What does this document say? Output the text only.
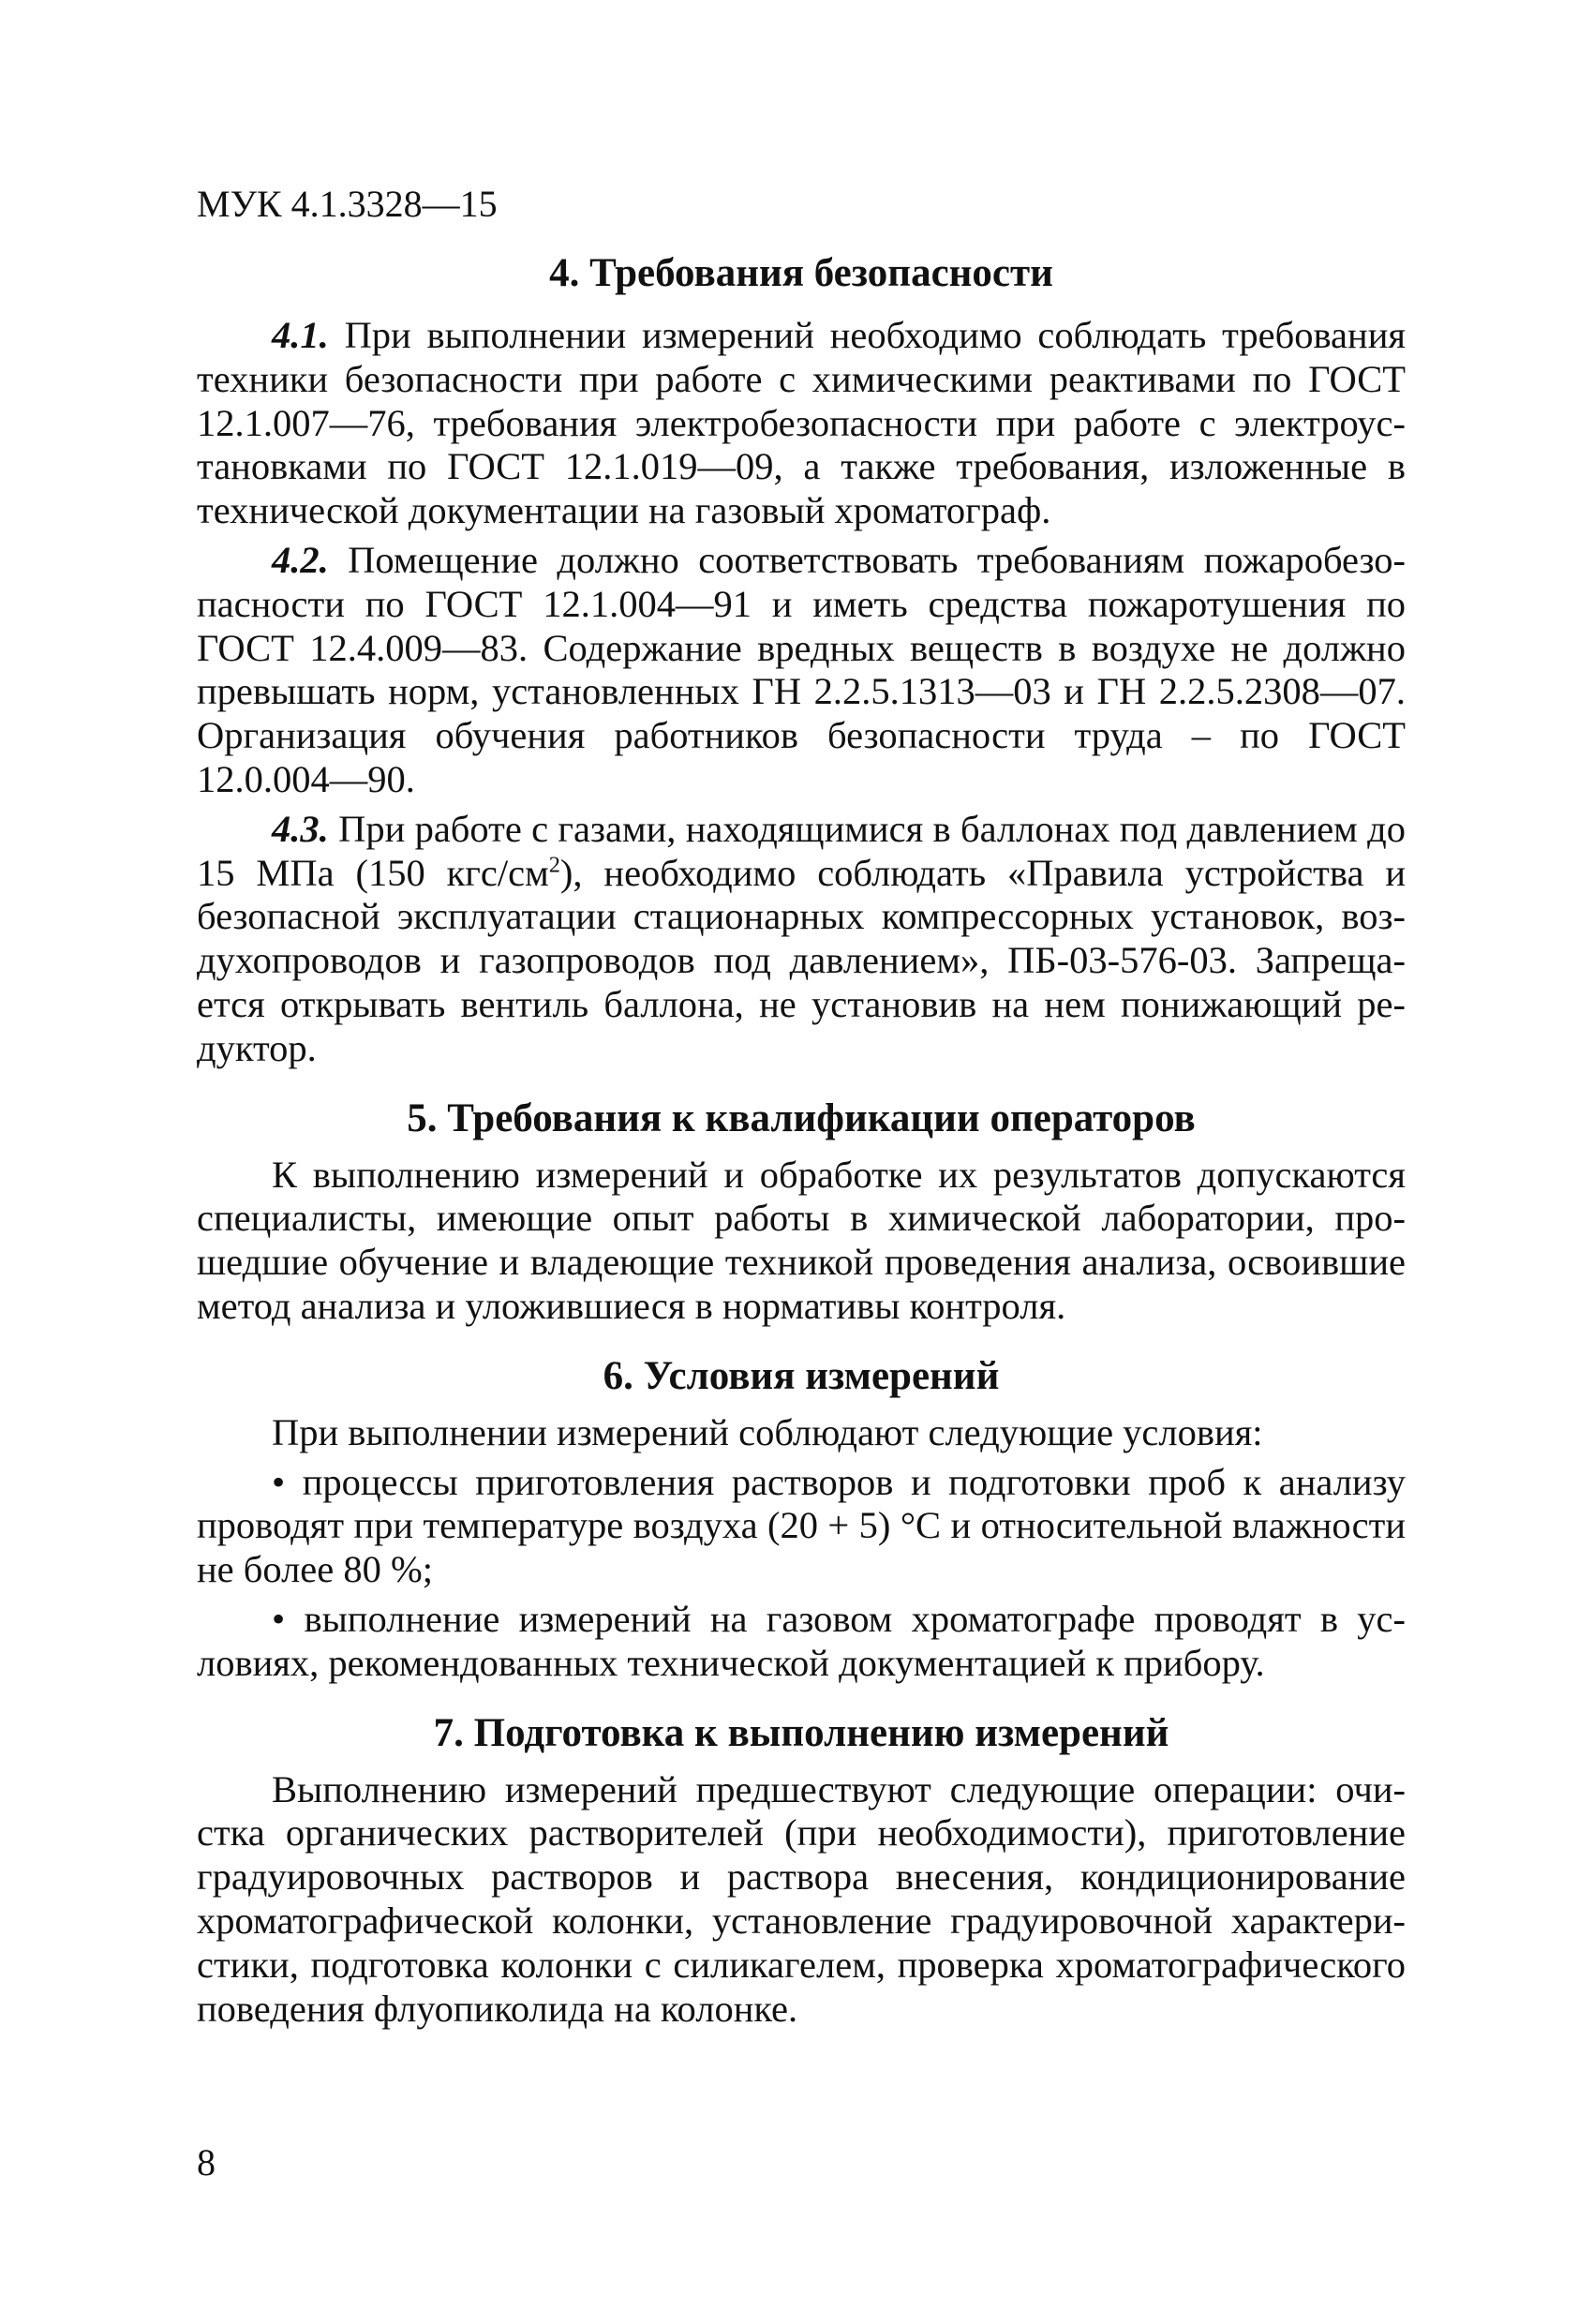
МУК 4.1.3328—15
4. Требования безопасности

4.1. При выполнении измерений необходимо соблюдать требования техники безопасности при работе с химическими реактивами по ГОСТ 12.1.007—76, требования электробезопасности при работе с электроустановками по ГОСТ 12.1.019—09, а также требования, изложенные в технической документации на газовый хроматограф.

4.2. Помещение должно соответствовать требованиям пожаробезопасности по ГОСТ 12.1.004—91 и иметь средства пожаротушения по ГОСТ 12.4.009—83. Содержание вредных веществ в воздухе не должно превышать норм, установленных ГН 2.2.5.1313—03 и ГН 2.2.5.2308—07. Организация обучения работников безопасности труда – по ГОСТ 12.0.004—90.

4.3. При работе с газами, находящимися в баллонах под давлением до 15 МПа (150 кгс/$см^2$), необходимо соблюдать «Правила устройства и безопасной эксплуатации стационарных компрессорных установок, воздухопроводов и газопроводов под давлением», ПБ-03-576-03. Запрещается открывать вентиль баллона, не установив на нем понижающий редуктор.

5. Требования к квалификации операторов

К выполнению измерений и обработке их результатов допускаются специалисты, имеющие опыт работы в химической лаборатории, прошедшие обучение и владеющие техникой проведения анализа, освоившие метод анализа и уложившиеся в нормативы контроля.

6. Условия измерений

При выполнении измерений соблюдают следующие условия:

• процессы приготовления растворов и подготовки проб к анализу проводят при температуре воздуха (20 + 5) °С и относительной влажности не более 80 %;

• выполнение измерений на газовом хроматографе проводят в условиях, рекомендованных технической документацией к прибору.

7. Подготовка к выполнению измерений

Выполнению измерений предшествуют следующие операции: очистка органических растворителей (при необходимости), приготовление градуировочных растворов и раствора внесения, кондиционирование хроматографической колонки, установление градуировочной характеристики, подготовка колонки с силикагелем, проверка хроматографического поведения флуопиколида на колонке.

8
